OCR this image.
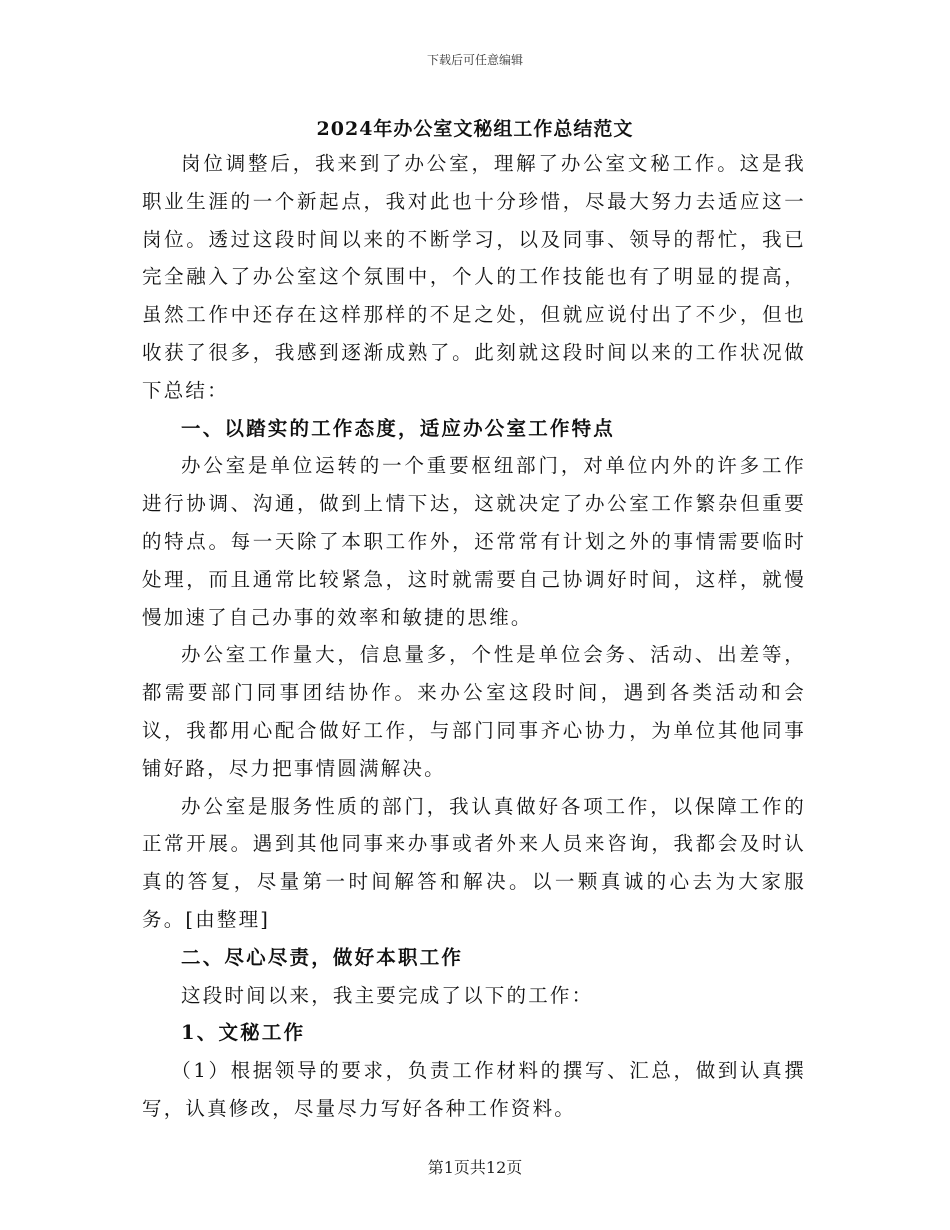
下载后可任意编辑
2024年办公室文秘组工作总结范文

岗位调整后，我来到了办公室，理解了办公室文秘工作。这是我职业生涯的一个新起点，我对此也十分珍惜，尽最大努力去适应这一岗位。透过这段时间以来的不断学习，以及同事、领导的帮忙，我已完全融入了办公室这个氛围中，个人的工作技能也有了明显的提高，虽然工作中还存在这样那样的不足之处，但就应说付出了不少，但也收获了很多，我感到逐渐成熟了。此刻就这段时间以来的工作状况做下总结：

一、以踏实的工作态度，适应办公室工作特点

办公室是单位运转的一个重要枢纽部门，对单位内外的许多工作进行协调、沟通，做到上情下达，这就决定了办公室工作繁杂但重要的特点。每一天除了本职工作外，还常常有计划之外的事情需要临时处理，而且通常比较紧急，这时就需要自己协调好时间，这样，就慢慢加速了自己办事的效率和敏捷的思维。

办公室工作量大，信息量多，个性是单位会务、活动、出差等，都需要部门同事团结协作。来办公室这段时间，遇到各类活动和会议，我都用心配合做好工作，与部门同事齐心协力，为单位其他同事铺好路，尽力把事情圆满解决。

办公室是服务性质的部门，我认真做好各项工作，以保障工作的正常开展。遇到其他同事来办事或者外来人员来咨询，我都会及时认真的答复，尽量第一时间解答和解决。以一颗真诚的心去为大家服务。[由整理]

二、尽心尽责，做好本职工作

这段时间以来，我主要完成了以下的工作：

1、文秘工作

（1）根据领导的要求，负责工作材料的撰写、汇总，做到认真撰写，认真修改，尽量尽力写好各种工作资料。

第1页共12页
